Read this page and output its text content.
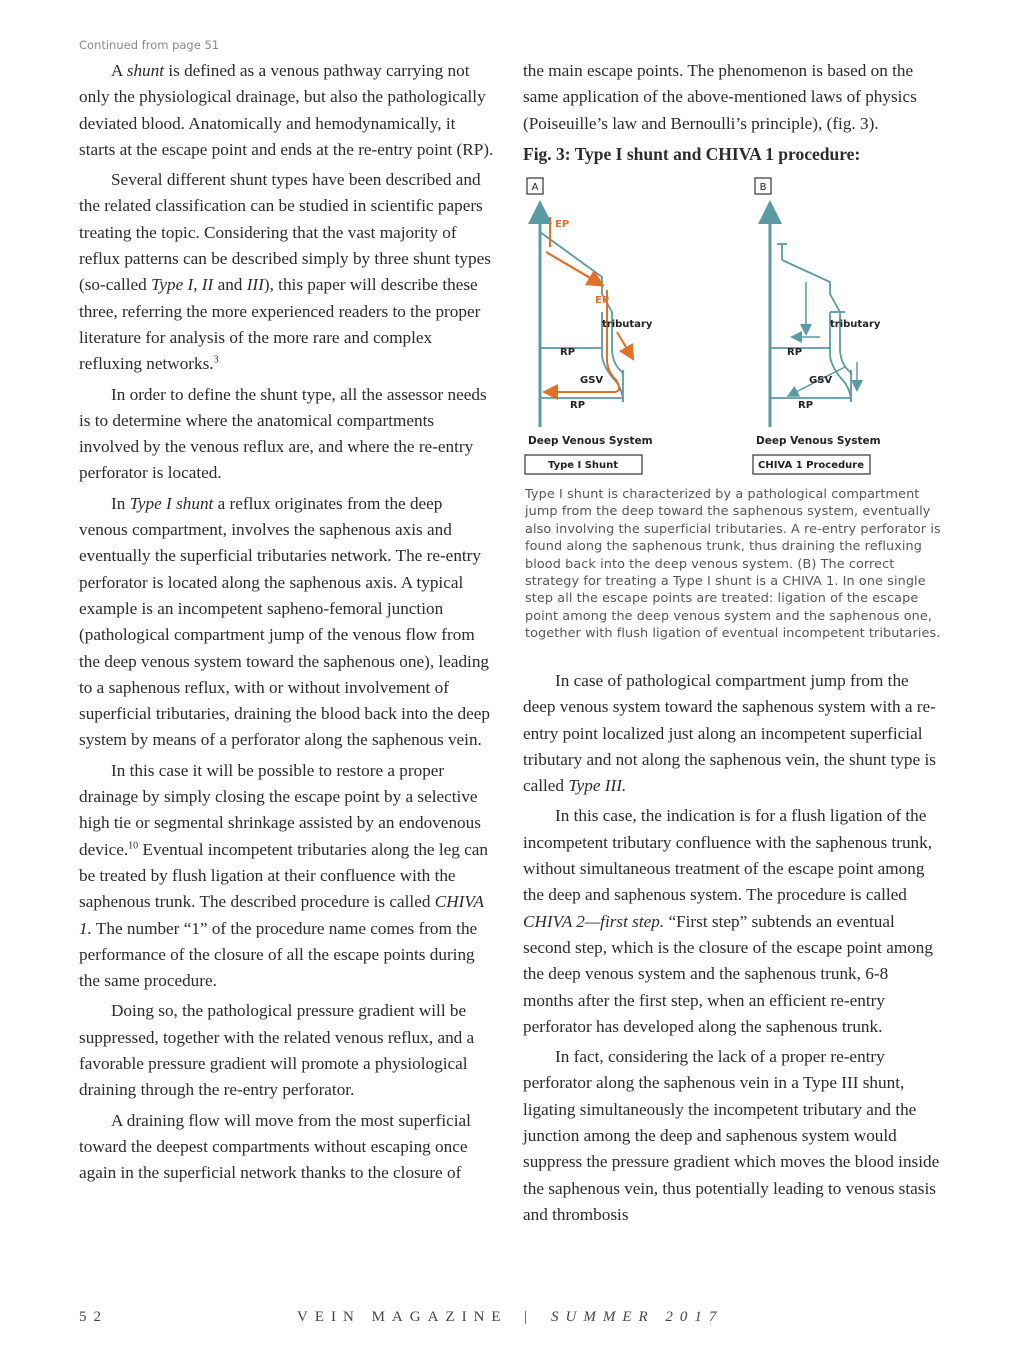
Continued from page 51

A shunt is defined as a venous pathway carrying not only the physiological drainage, but also the pathologically deviated blood. Anatomically and hemodynamically, it starts at the escape point and ends at the re-entry point (RP).

Several different shunt types have been described and the related classification can be studied in scientific papers treating the topic. Considering that the vast majority of reflux patterns can be described simply by three shunt types (so-called Type I, II and III), this paper will describe these three, referring the more experienced readers to the proper literature for analysis of the more rare and complex refluxing networks.$^3$

In order to define the shunt type, all the assessor needs is to determine where the anatomical compartments involved by the venous reflux are, and where the re-entry perforator is located.

In Type I shunt a reflux originates from the deep venous compartment, involves the saphenous axis and eventually the superficial tributaries network. The re-entry perforator is located along the saphenous axis. A typical example is an incompetent sapheno-femoral junction (pathological compartment jump of the venous flow from the deep venous system toward the saphenous one), leading to a saphenous reflux, with or without involvement of superficial tributaries, draining the blood back into the deep system by means of a perforator along the saphenous vein.

In this case it will be possible to restore a proper drainage by simply closing the escape point by a selective high tie or segmental shrinkage assisted by an endovenous device.$^{10}$ Eventual incompetent tributaries along the leg can be treated by flush ligation at their confluence with the saphenous trunk. The described procedure is called CHIVA 1. The number “1” of the procedure name comes from the performance of the closure of all the escape points during the same procedure.

Doing so, the pathological pressure gradient will be suppressed, together with the related venous reflux, and a favorable pressure gradient will promote a physiological draining through the re-entry perforator.

A draining flow will move from the most superficial toward the deepest compartments without escaping once again in the superficial network thanks to the closure of

the main escape points. The phenomenon is based on the same application of the above-mentioned laws of physics (Poiseuille’s law and Bernoulli’s principle), (fig. 3).

Fig. 3: Type I shunt and CHIVA 1 procedure:

A
EP
EP
tributary
RP
GSV
RP
Deep Venous System
Type I Shunt
B
tributary
RP
GSV
RP
Deep Venous System
CHIVA 1 Procedure
Type I shunt is characterized by a pathological compartment jump from the deep toward the saphenous system, eventually also involving the superficial tributaries. A re-entry perforator is found along the saphenous trunk, thus draining the refluxing blood back into the deep venous system. (B) The correct strategy for treating a Type I shunt is a CHIVA 1. In one single step all the escape points are treated: ligation of the escape point among the deep venous system and the saphenous one, together with flush ligation of eventual incompetent tributaries.

In case of pathological compartment jump from the deep venous system toward the saphenous system with a re-entry point localized just along an incompetent superficial tributary and not along the saphenous vein, the shunt type is called Type III.

In this case, the indication is for a flush ligation of the incompetent tributary confluence with the saphenous trunk, without simultaneous treatment of the escape point among the deep and saphenous system. The procedure is called CHIVA 2—first step. “First step” subtends an eventual second step, which is the closure of the escape point among the deep venous system and the saphenous trunk, 6-8 months after the first step, when an efficient re-entry perforator has developed along the saphenous trunk.

In fact, considering the lack of a proper re-entry perforator along the saphenous vein in a Type III shunt, ligating simultaneously the incompetent tributary and the junction among the deep and saphenous system would suppress the pressure gradient which moves the blood inside the saphenous vein, thus potentially leading to venous stasis and thrombosis

52	VEIN MAGAZINE | SUMMER 2017
